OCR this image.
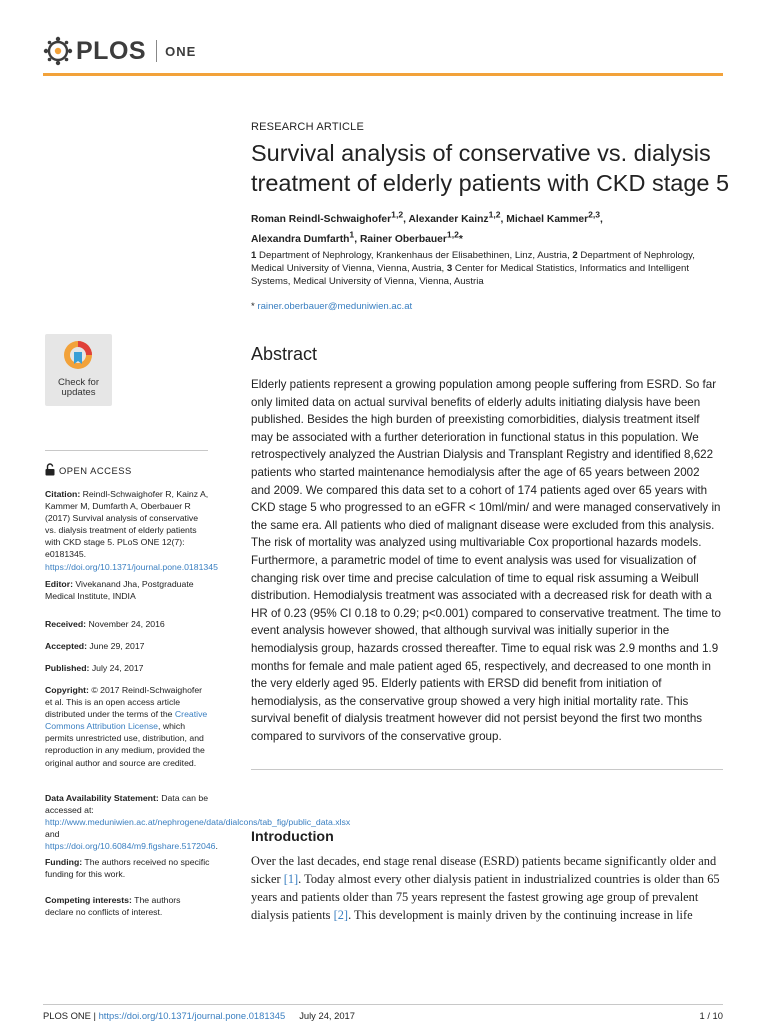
PLOS ONE
RESEARCH ARTICLE
Survival analysis of conservative vs. dialysis treatment of elderly patients with CKD stage 5
Roman Reindl-Schwaighofer$^{1,2}$, Alexander Kainz$^{1,2}$, Michael Kammer$^{2,3}$,
Alexandra Dumfarth$^1$, Rainer Oberbauer$^{1,2}$*
1 Department of Nephrology, Krankenhaus der Elisabethinen, Linz, Austria, 2 Department of Nephrology, Medical University of Vienna, Vienna, Austria, 3 Center for Medical Statistics, Informatics and Intelligent Systems, Medical University of Vienna, Vienna, Austria
* rainer.oberbauer@meduniwien.ac.at
Abstract
Elderly patients represent a growing population among people suffering from ESRD. So far only limited data on actual survival benefits of elderly adults initiating dialysis have been published. Besides the high burden of preexisting comorbidities, dialysis treatment itself may be associated with a further deterioration in functional status in this population. We retrospectively analyzed the Austrian Dialysis and Transplant Registry and identified 8,622 patients who started maintenance hemodialysis after the age of 65 years between 2002 and 2009. We compared this data set to a cohort of 174 patients aged over 65 years with CKD stage 5 who progressed to an eGFR < 10ml/min/ and were managed conservatively in the same era. All patients who died of malignant disease were excluded from this analysis. The risk of mortality was analyzed using multivariable Cox proportional hazards models. Furthermore, a parametric model of time to event analysis was used for visualization of changing risk over time and precise calculation of time to equal risk assuming a Weibull distribution. Hemodialysis treatment was associated with a decreased risk for death with a HR of 0.23 (95% CI 0.18 to 0.29; p<0.001) compared to conservative treatment. The time to event analysis however showed, that although survival was initially superior in the hemodialysis group, hazards crossed thereafter. Time to equal risk was 2.9 months and 1.9 months for female and male patient aged 65, respectively, and decreased to one month in the very elderly aged 95. Elderly patients with ERSD did benefit from initiation of hemodialysis, as the conservative group showed a very high initial mortality rate. This survival benefit of dialysis treatment however did not persist beyond the first two months compared to survivors of the conservative group.
Introduction
Over the last decades, end stage renal disease (ESRD) patients became significantly older and sicker [1]. Today almost every other dialysis patient in industrialized countries is older than 65 years and patients older than 75 years represent the fastest growing age group of prevalent dialysis patients [2]. This development is mainly driven by the continuing increase in life
Check for
updates
OPEN ACCESS
Citation: Reindl-Schwaighofer R, Kainz A, Kammer M, Dumfarth A, Oberbauer R (2017) Survival analysis of conservative vs. dialysis treatment of elderly patients with CKD stage 5. PLoS ONE 12(7): e0181345. https://doi.org/10.1371/journal.pone.0181345
Editor: Vivekanand Jha, Postgraduate Medical Institute, INDIA
Received: November 24, 2016
Accepted: June 29, 2017
Published: July 24, 2017
Copyright: © 2017 Reindl-Schwaighofer et al. This is an open access article distributed under the terms of the Creative Commons Attribution License, which permits unrestricted use, distribution, and reproduction in any medium, provided the original author and source are credited.
Data Availability Statement: Data can be accessed at: http://www.meduniwien.ac.at/nephrogene/data/dialcons/tab_fig/public_data.xlsx and https://doi.org/10.6084/m9.figshare.5172046.
Funding: The authors received no specific funding for this work.
Competing interests: The authors declare no conflicts of interest.
PLOS ONE | https://doi.org/10.1371/journal.pone.0181345 July 24, 2017	1 / 10
